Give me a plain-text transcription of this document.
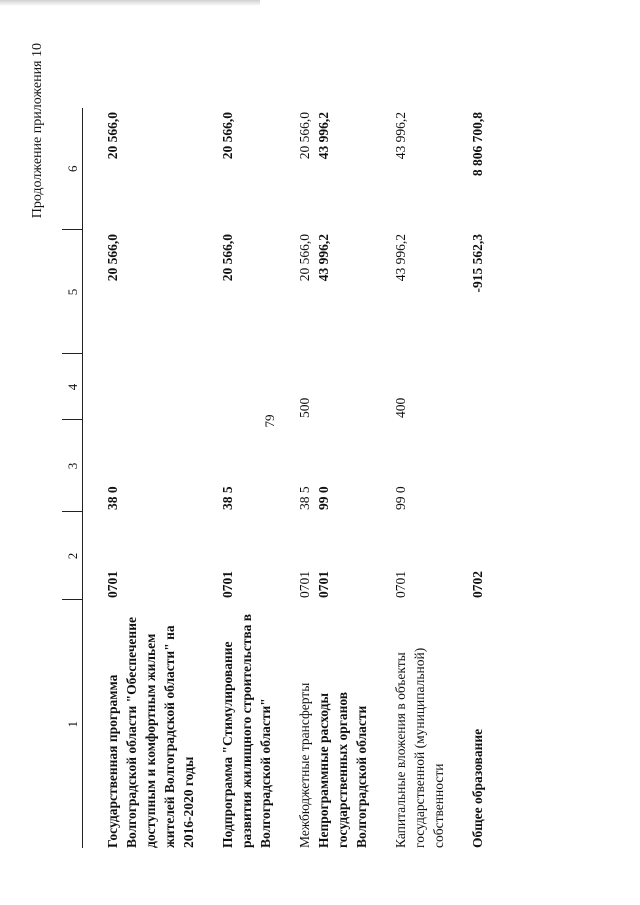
79
Продолжение приложения 10
1	2	3	4	5	6
Государственная программа Волгоградской области "Обеспечение доступным и комфортным жильем жителей Волгоградской области" на 2016-2020 годы	0701	38 0		20 566,0	20 566,0
Подпрограмма "Стимулирование развития жилищного строительства в Волгоградской области"	0701	38 5		20 566,0	20 566,0
Межбюджетные трансферты	0701	38 5	500	20 566,0	20 566,0
Непрограммные расходы государственных органов Волгоградской области	0701	99 0		43 996,2	43 996,2
Капитальные вложения в объекты государственной (муниципальной) собственности	0701	99 0	400	43 996,2	43 996,2
Общее образование	0702			-915 562,3	8 806 700,8
